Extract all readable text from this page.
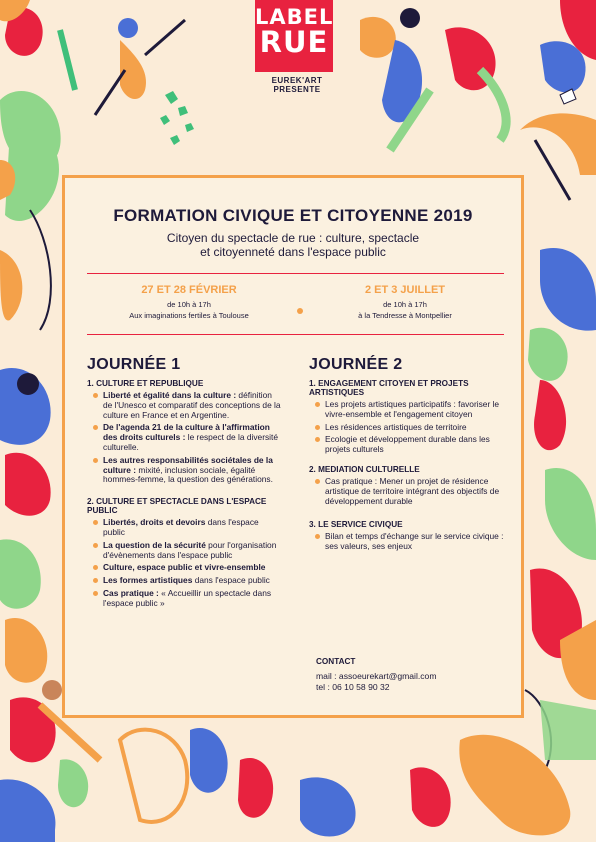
LABEL
RUE
EUREK'ART PRESENTE
FORMATION CIVIQUE ET CITOYENNE 2019
Citoyen du spectacle de rue : culture, spectacle
et citoyenneté dans l'espace public
27 ET 28 FÉVRIER
de 10h à 17h
Aux imaginations fertiles à Toulouse
2 ET 3 JUILLET
de 10h à 17h
à la Tendresse à Montpellier
JOURNÉE 1
1. CULTURE ET REPUBLIQUE
Liberté et égalité dans la culture : définition de l'Unesco et comparatif des conceptions de la culture en France et en Argentine.
De l'agenda 21 de la culture à l'affirmation des droits culturels : le respect de la diversité culturelle.
Les autres responsabilités sociétales de la culture : mixité, inclusion sociale, égalité hommes-femme, la question des générations.
2. CULTURE ET SPECTACLE DANS L'ESPACE PUBLIC
Libertés, droits et devoirs dans l'espace public
La question de la sécurité pour l'organisation d'évènements dans l'espace public
Culture, espace public et vivre-ensemble
Les formes artistiques dans l'espace public
Cas pratique : « Accueillir un spectacle dans l'espace public »
JOURNÉE 2
1. ENGAGEMENT CITOYEN ET PROJETS ARTISTIQUES
Les projets artistiques participatifs : favoriser le vivre-ensemble et l'engagement citoyen
Les résidences artistiques de territoire
Ecologie et développement durable dans les projets culturels
2. MEDIATION CULTURELLE
Cas pratique : Mener un projet de résidence artistique de territoire intégrant des objectifs de développement durable
3. LE SERVICE CIVIQUE
Bilan et temps d'échange sur le service civique : ses valeurs, ses enjeux
CONTACT
mail : assoeurekart@gmail.com
tel : 06 10 58 90 32
